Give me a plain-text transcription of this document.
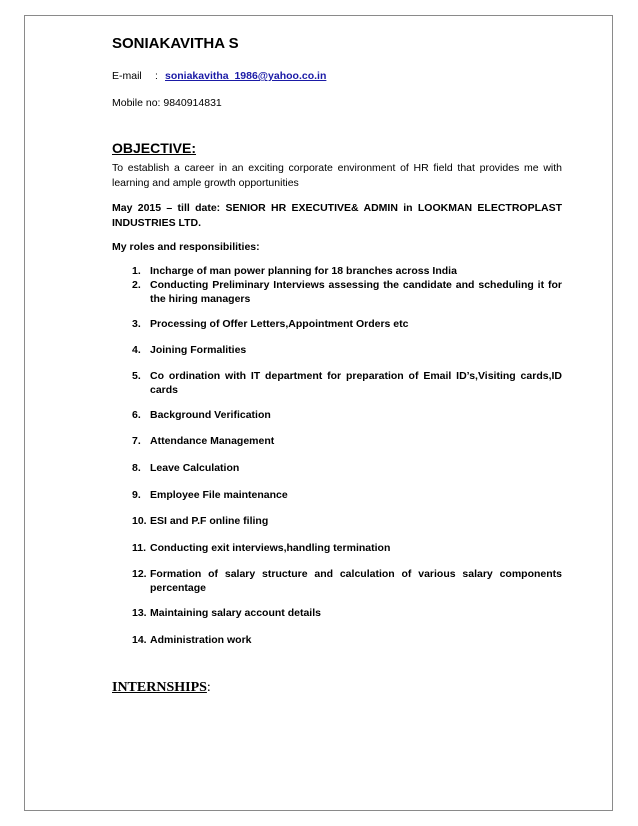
SONIAKAVITHA S
E-mail : soniakavitha_1986@yahoo.co.in
Mobile no: 9840914831
OBJECTIVE:
To establish a career in an exciting corporate environment of HR field that provides me with learning and ample growth opportunities
May 2015 – till date: SENIOR HR EXECUTIVE& ADMIN in LOOKMAN ELECTROPLAST INDUSTRIES LTD.
My roles and responsibilities:
1. Incharge of man power planning for 18 branches across India
2. Conducting Preliminary Interviews assessing the candidate and scheduling it for the hiring managers
3. Processing of Offer Letters,Appointment Orders etc
4. Joining Formalities
5. Co ordination with IT department for preparation of Email ID’s,Visiting cards,ID cards
6. Background Verification
7. Attendance Management
8. Leave Calculation
9. Employee File maintenance
10. ESI and P.F online filing
11. Conducting exit interviews,handling termination
12. Formation of salary structure and calculation of various salary components percentage
13. Maintaining salary account details
14. Administration work
INTERNSHIPS:
